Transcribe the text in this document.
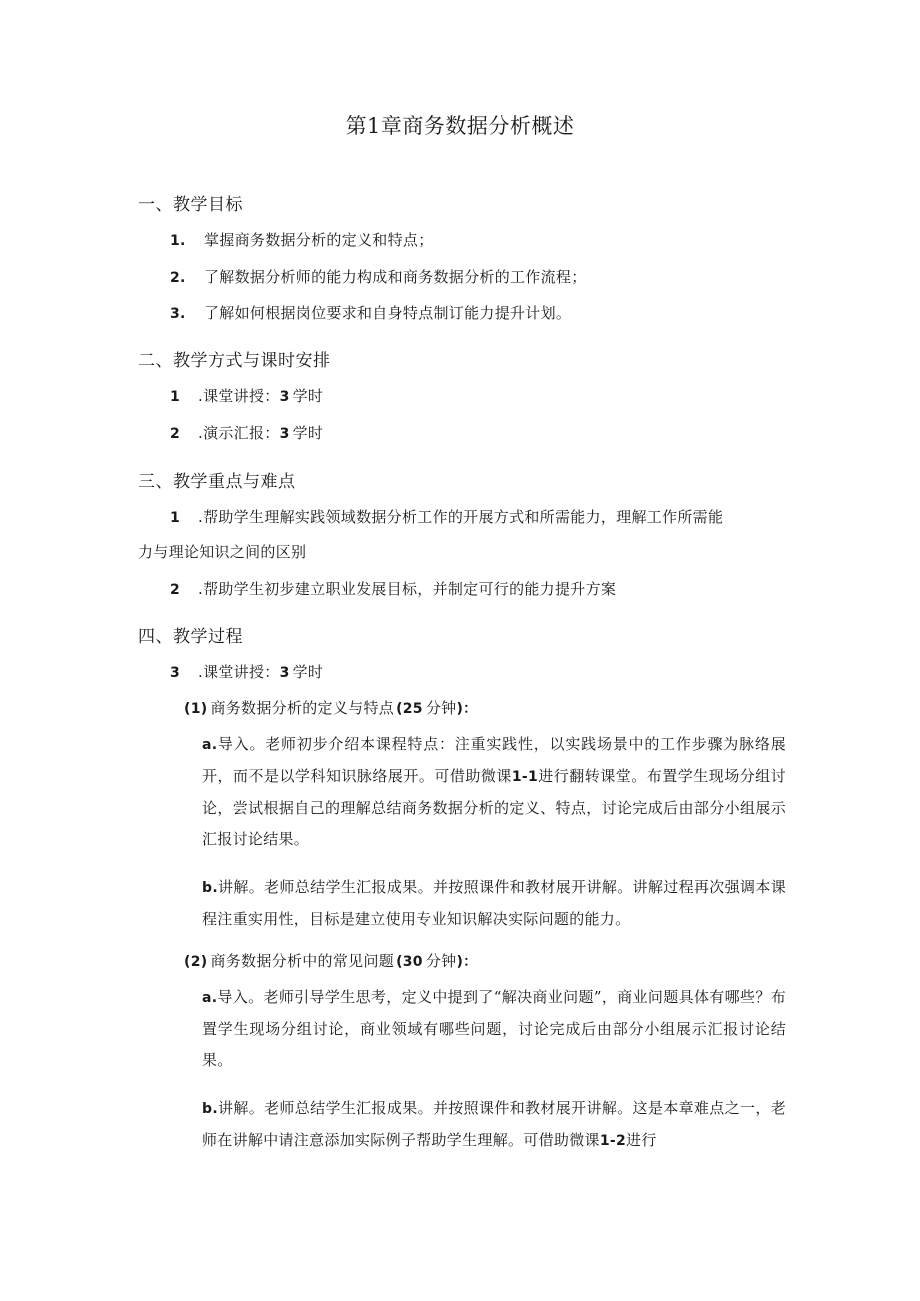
第1章商务数据分析概述
一、教学目标
1. 掌握商务数据分析的定义和特点；
2. 了解数据分析师的能力构成和商务数据分析的工作流程；
3. 了解如何根据岗位要求和自身特点制订能力提升计划。
二、教学方式与课时安排
1 .课堂讲授：3 学时
2 .演示汇报：3 学时
三、教学重点与难点
1 .帮助学生理解实践领域数据分析工作的开展方式和所需能力，理解工作所需能
力与理论知识之间的区别
2 .帮助学生初步建立职业发展目标，并制定可行的能力提升方案
四、教学过程
3 .课堂讲授：3 学时
(1) 商务数据分析的定义与特点 (25 分钟)：
a.导入。老师初步介绍本课程特点：注重实践性，以实践场景中的工作步骤为脉络展开，而不是以学科知识脉络展开。可借助微课1-1进行翻转课堂。布置学生现场分组讨论，尝试根据自己的理解总结商务数据分析的定义、特点，讨论完成后由部分小组展示汇报讨论结果。
b.讲解。老师总结学生汇报成果。并按照课件和教材展开讲解。讲解过程再次强调本课程注重实用性，目标是建立使用专业知识解决实际问题的能力。
(2) 商务数据分析中的常见问题 (30 分钟)：
a.导入。老师引导学生思考，定义中提到了“解决商业问题”，商业问题具体有哪些？布置学生现场分组讨论，商业领域有哪些问题，讨论完成后由部分小组展示汇报讨论结果。
b.讲解。老师总结学生汇报成果。并按照课件和教材展开讲解。这是本章难点之一，老师在讲解中请注意添加实际例子帮助学生理解。可借助微课1-2进行
